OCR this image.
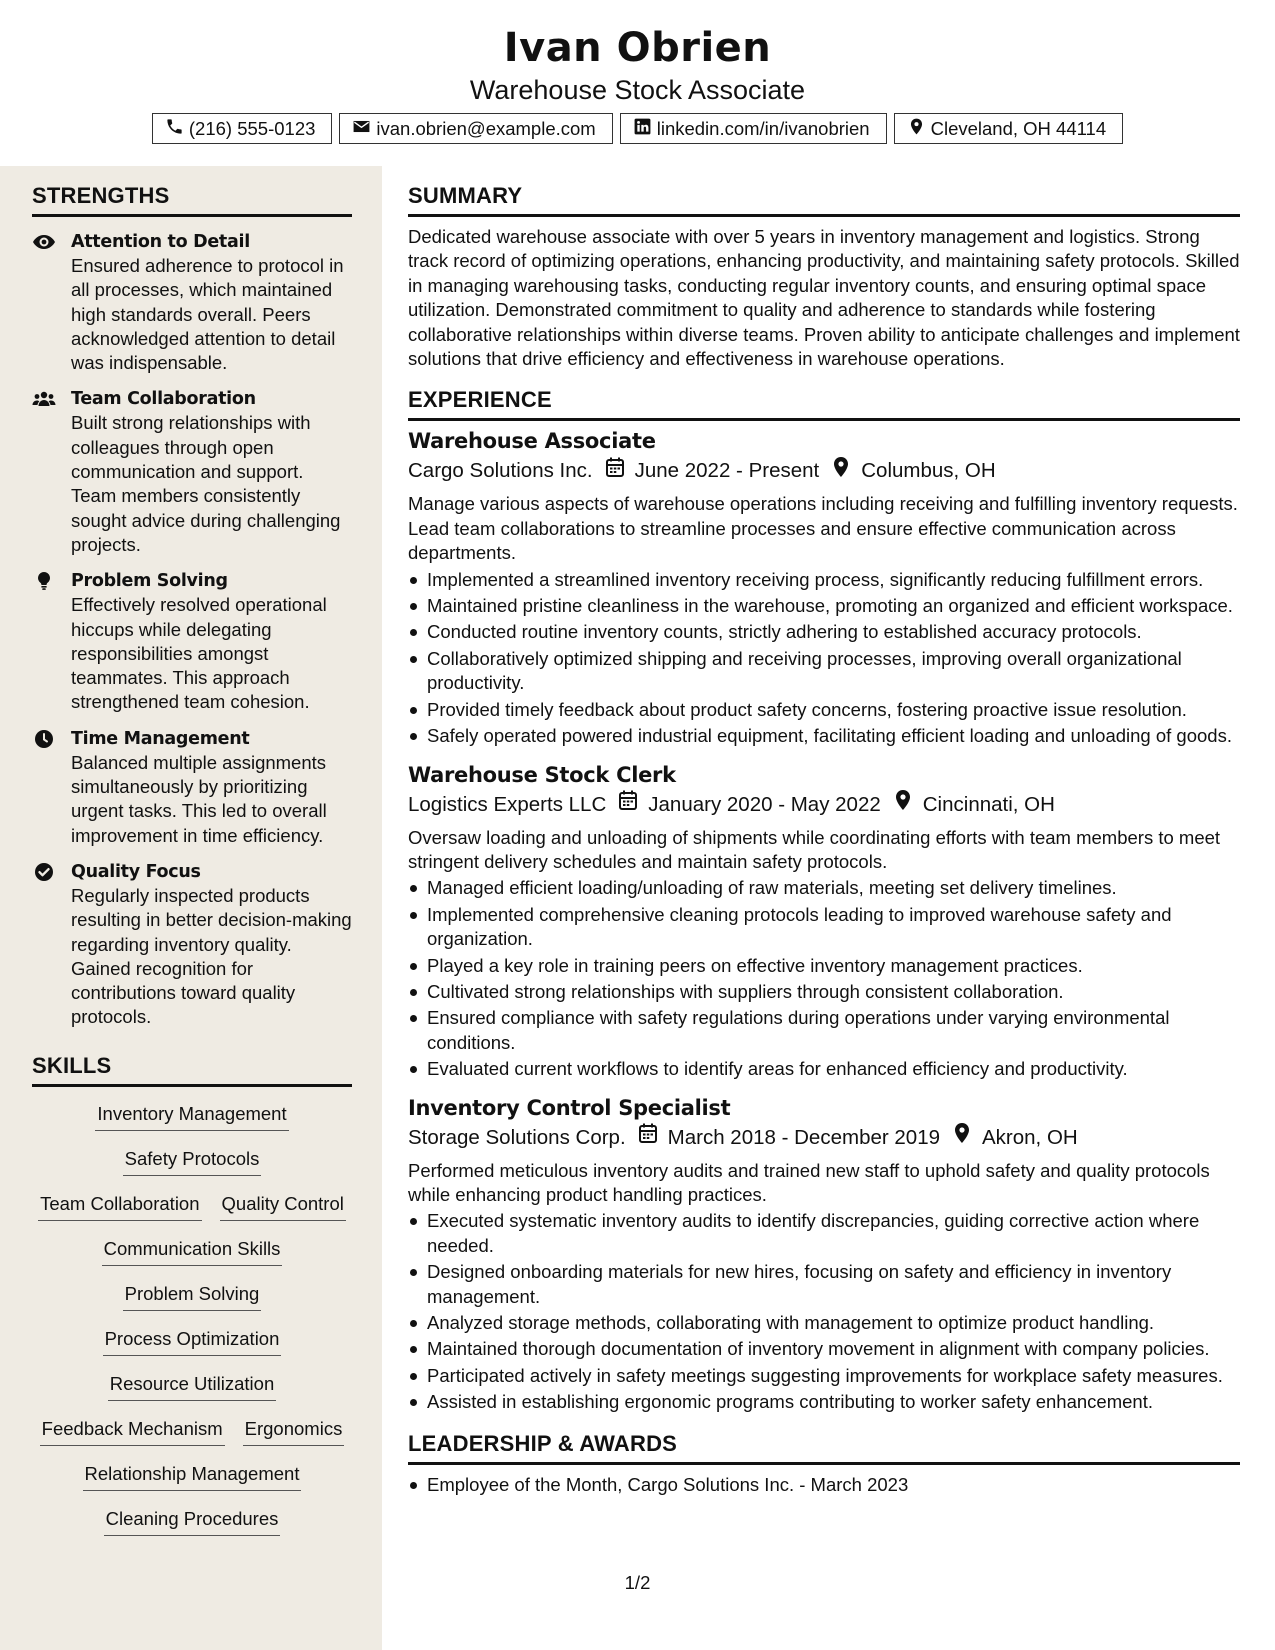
Ivan Obrien
Warehouse Stock Associate
(216) 555-0123	ivan.obrien@example.com	linkedin.com/in/ivanobrien	Cleveland, OH 44114
STRENGTHS
Attention to Detail
Ensured adherence to protocol in all processes, which maintained high standards overall. Peers acknowledged attention to detail was indispensable.
Team Collaboration
Built strong relationships with colleagues through open communication and support. Team members consistently sought advice during challenging projects.
Problem Solving
Effectively resolved operational hiccups while delegating responsibilities amongst teammates. This approach strengthened team cohesion.
Time Management
Balanced multiple assignments simultaneously by prioritizing urgent tasks. This led to overall improvement in time efficiency.
Quality Focus
Regularly inspected products resulting in better decision-making regarding inventory quality. Gained recognition for contributions toward quality protocols.
SKILLS
Inventory Management
Safety Protocols
Team Collaboration Quality Control
Communication Skills
Problem Solving
Process Optimization
Resource Utilization
Feedback Mechanism Ergonomics
Relationship Management
Cleaning Procedures
SUMMARY
Dedicated warehouse associate with over 5 years in inventory management and logistics. Strong track record of optimizing operations, enhancing productivity, and maintaining safety protocols. Skilled in managing warehousing tasks, conducting regular inventory counts, and ensuring optimal space utilization. Demonstrated commitment to quality and adherence to standards while fostering collaborative relationships within diverse teams. Proven ability to anticipate challenges and implement solutions that drive efficiency and effectiveness in warehouse operations.
EXPERIENCE
Warehouse Associate
Cargo Solutions Inc. June 2022 - Present Columbus, OH
Manage various aspects of warehouse operations including receiving and fulfilling inventory requests. Lead team collaborations to streamline processes and ensure effective communication across departments.
Implemented a streamlined inventory receiving process, significantly reducing fulfillment errors.
Maintained pristine cleanliness in the warehouse, promoting an organized and efficient workspace.
Conducted routine inventory counts, strictly adhering to established accuracy protocols.
Collaboratively optimized shipping and receiving processes, improving overall organizational productivity.
Provided timely feedback about product safety concerns, fostering proactive issue resolution.
Safely operated powered industrial equipment, facilitating efficient loading and unloading of goods.
Warehouse Stock Clerk
Logistics Experts LLC January 2020 - May 2022 Cincinnati, OH
Oversaw loading and unloading of shipments while coordinating efforts with team members to meet stringent delivery schedules and maintain safety protocols.
Managed efficient loading/unloading of raw materials, meeting set delivery timelines.
Implemented comprehensive cleaning protocols leading to improved warehouse safety and organization.
Played a key role in training peers on effective inventory management practices.
Cultivated strong relationships with suppliers through consistent collaboration.
Ensured compliance with safety regulations during operations under varying environmental conditions.
Evaluated current workflows to identify areas for enhanced efficiency and productivity.
Inventory Control Specialist
Storage Solutions Corp. March 2018 - December 2019 Akron, OH
Performed meticulous inventory audits and trained new staff to uphold safety and quality protocols while enhancing product handling practices.
Executed systematic inventory audits to identify discrepancies, guiding corrective action where needed.
Designed onboarding materials for new hires, focusing on safety and efficiency in inventory management.
Analyzed storage methods, collaborating with management to optimize product handling.
Maintained thorough documentation of inventory movement in alignment with company policies.
Participated actively in safety meetings suggesting improvements for workplace safety measures.
Assisted in establishing ergonomic programs contributing to worker safety enhancement.
LEADERSHIP & AWARDS
Employee of the Month, Cargo Solutions Inc. - March 2023
1/2
